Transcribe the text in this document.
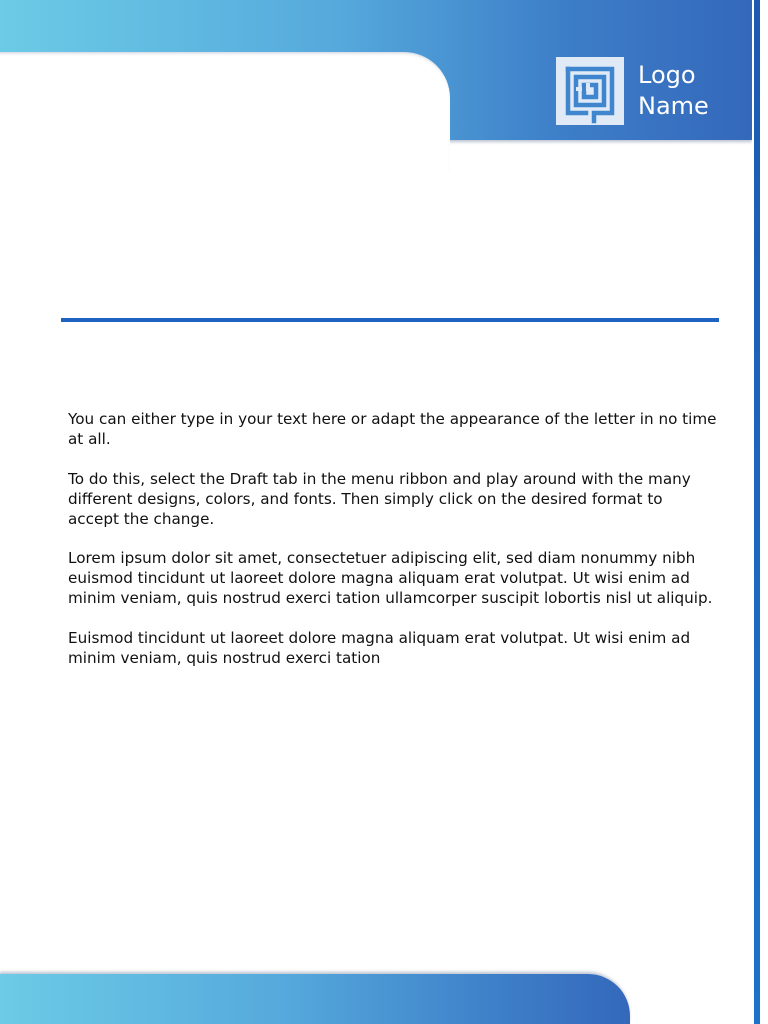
Logo
Name

You can either type in your text here or adapt the appearance of the letter in no time at all.

To do this, select the Draft tab in the menu ribbon and play around with the many different designs, colors, and fonts. Then simply click on the desired format to accept the change.

Lorem ipsum dolor sit amet, consectetuer adipiscing elit, sed diam nonummy nibh euismod tincidunt ut laoreet dolore magna aliquam erat volutpat. Ut wisi enim ad minim veniam, quis nostrud exerci tation ullamcorper suscipit lobortis nisl ut aliquip.

Euismod tincidunt ut laoreet dolore magna aliquam erat volutpat. Ut wisi enim ad minim veniam, quis nostrud exerci tation
